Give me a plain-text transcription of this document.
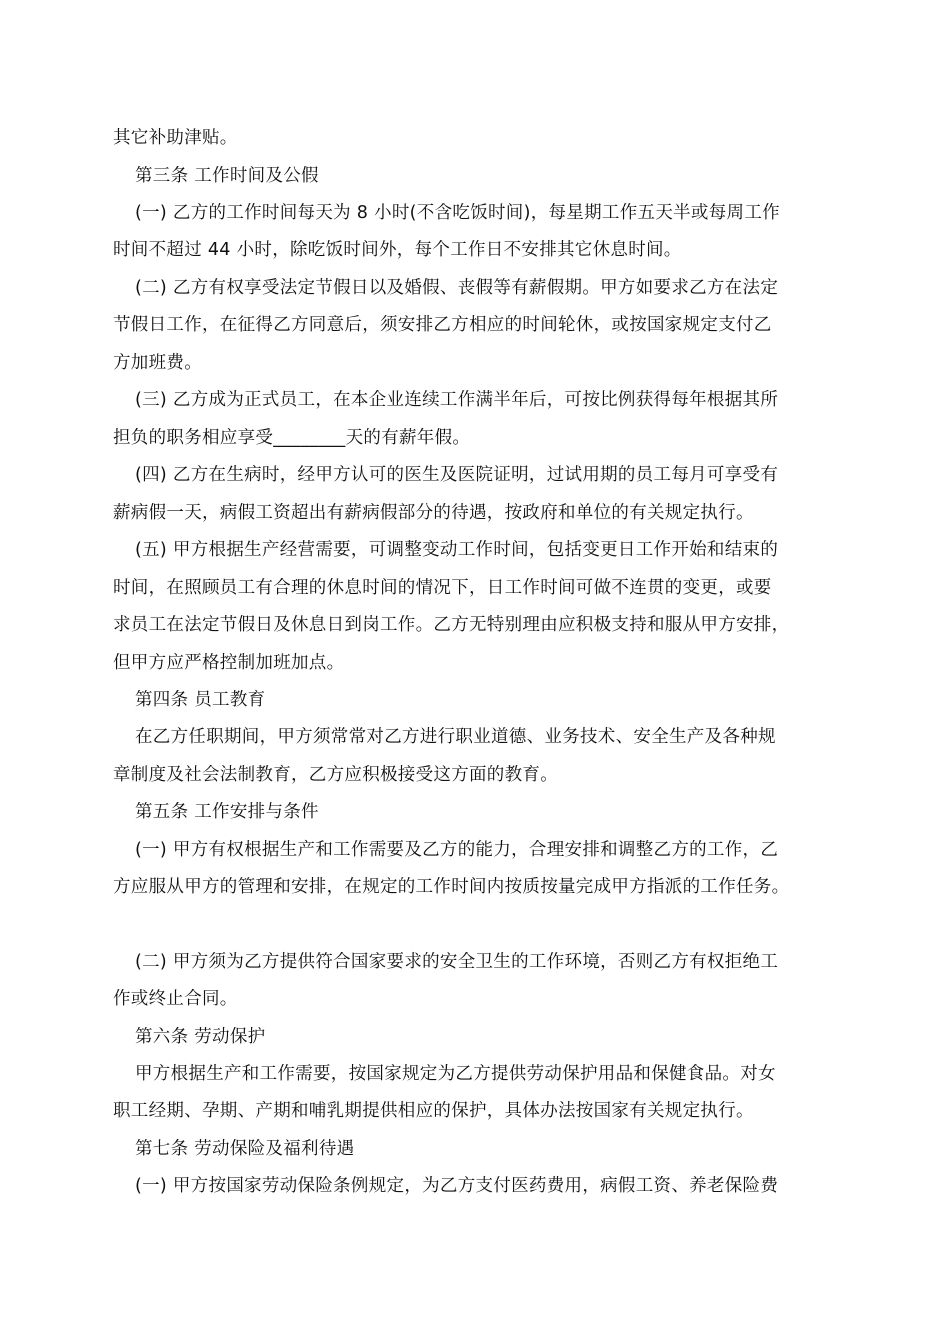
其它补助津贴。
第三条 工作时间及公假
(一) 乙方的工作时间每天为 8 小时(不含吃饭时间)，每星期工作五天半或每周工作
时间不超过 44 小时，除吃饭时间外，每个工作日不安排其它休息时间。
(二) 乙方有权享受法定节假日以及婚假、丧假等有薪假期。甲方如要求乙方在法定
节假日工作，在征得乙方同意后，须安排乙方相应的时间轮休，或按国家规定支付乙
方加班费。
(三) 乙方成为正式员工，在本企业连续工作满半年后，可按比例获得每年根据其所
担负的职务相应享受________天的有薪年假。
(四) 乙方在生病时，经甲方认可的医生及医院证明，过试用期的员工每月可享受有
薪病假一天，病假工资超出有薪病假部分的待遇，按政府和单位的有关规定执行。
(五) 甲方根据生产经营需要，可调整变动工作时间，包括变更日工作开始和结束的
时间，在照顾员工有合理的休息时间的情况下，日工作时间可做不连贯的变更，或要
求员工在法定节假日及休息日到岗工作。乙方无特别理由应积极支持和服从甲方安排，
但甲方应严格控制加班加点。
第四条 员工教育
在乙方任职期间，甲方须常常对乙方进行职业道德、业务技术、安全生产及各种规
章制度及社会法制教育，乙方应积极接受这方面的教育。
第五条 工作安排与条件
(一) 甲方有权根据生产和工作需要及乙方的能力，合理安排和调整乙方的工作，乙
方应服从甲方的管理和安排，在规定的工作时间内按质按量完成甲方指派的工作任务。
(二) 甲方须为乙方提供符合国家要求的安全卫生的工作环境，否则乙方有权拒绝工
作或终止合同。
第六条 劳动保护
甲方根据生产和工作需要，按国家规定为乙方提供劳动保护用品和保健食品。对女
职工经期、孕期、产期和哺乳期提供相应的保护，具体办法按国家有关规定执行。
第七条 劳动保险及福利待遇
(一) 甲方按国家劳动保险条例规定，为乙方支付医药费用，病假工资、养老保险费
